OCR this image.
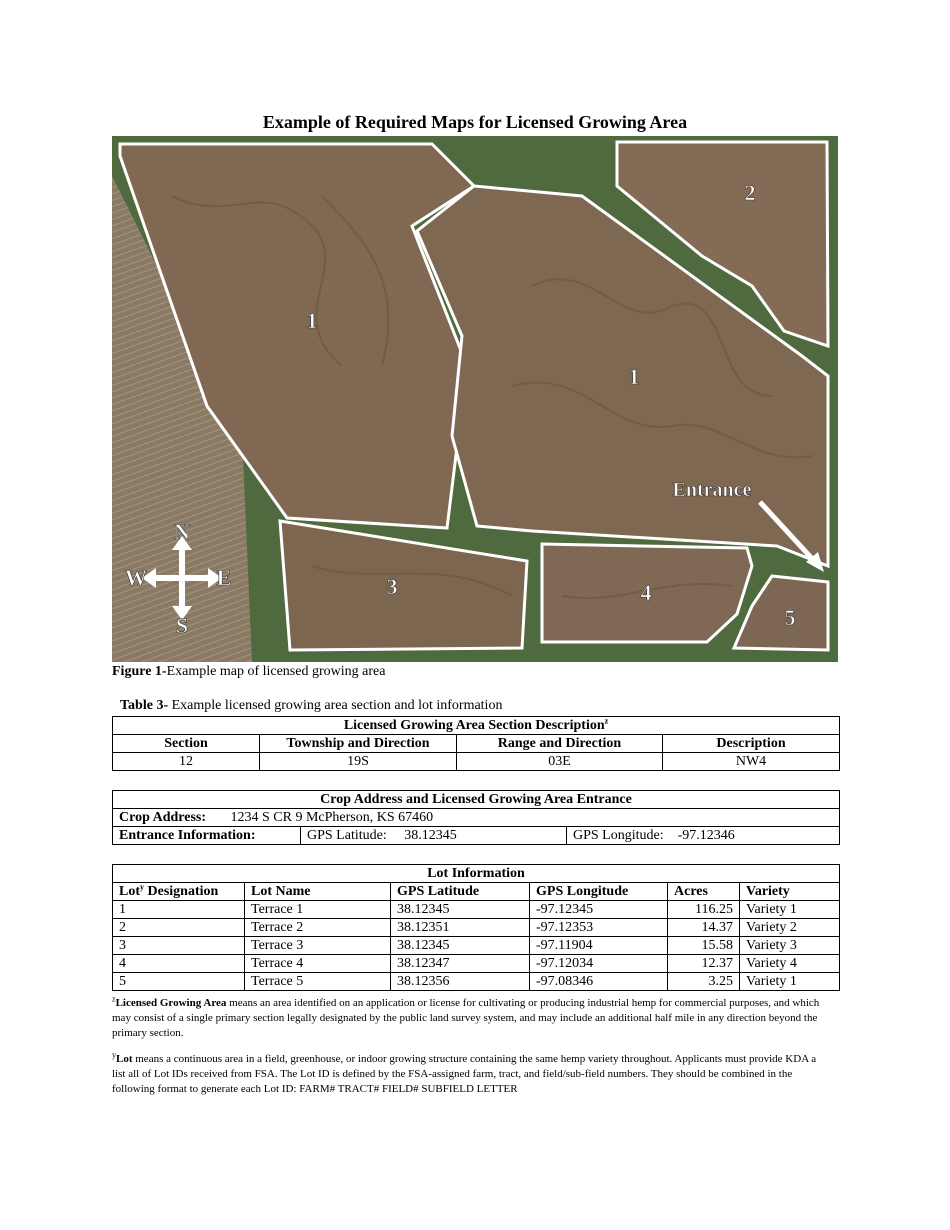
Example of Required Maps for Licensed Growing Area
1
1
2
3	4
5
Entrance
N
S
W	E
Figure 1-Example map of licensed growing area
Table 3- Example licensed growing area section and lot information
Licensed Growing Area Section Description$^z$
Section	Township and Direction	Range and Direction	Description
12	19S	03E	NW4
Crop Address and Licensed Growing Area Entrance
Crop Address: 1234 S CR 9 McPherson, KS 67460
Entrance Information:	GPS Latitude: 38.12345	GPS Longitude: -97.12346
Lot Information					
Lot$^y$ Designation	Lot Name	GPS Latitude	GPS Longitude	Acres	Variety
1	Terrace 1	38.12345	-97.12345	116.25	Variety 1
2	Terrace 2	38.12351	-97.12353	14.37	Variety 2
3	Terrace 3	38.12345	-97.11904	15.58	Variety 3
4	Terrace 4	38.12347	-97.12034	12.37	Variety 4
5	Terrace 5	38.12356	-97.08346	3.25	Variety 1
$^z$Licensed Growing Area means an area identified on an application or license for cultivating or producing industrial hemp for commercial purposes, and which may consist of a single primary section legally designated by the public land survey system, and may include an additional half mile in any direction beyond the primary section.
$^y$Lot means a continuous area in a field, greenhouse, or indoor growing structure containing the same hemp variety throughout. Applicants must provide KDA a list all of Lot IDs received from FSA. The Lot ID is defined by the FSA-assigned farm, tract, and field/sub-field numbers. They should be combined in the following format to generate each Lot ID: FARM# TRACT# FIELD# SUBFIELD LETTER
